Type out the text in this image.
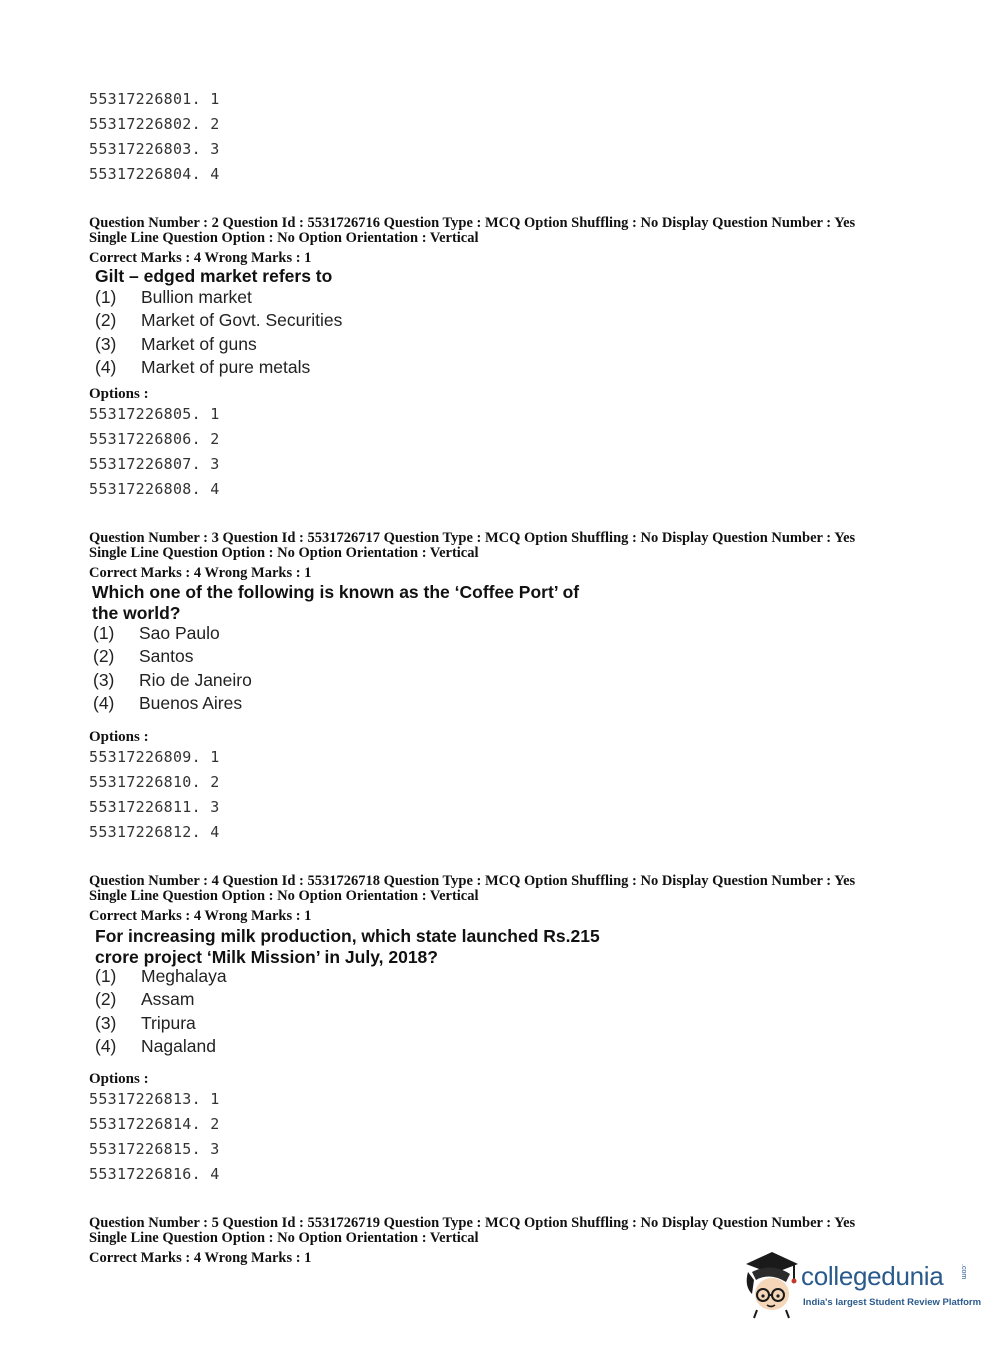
55317226801. 1
55317226802. 2
55317226803. 3
55317226804. 4
Question Number : 2 Question Id : 5531726716 Question Type : MCQ Option Shuffling : No Display Question Number : Yes
Single Line Question Option : No Option Orientation : Vertical
Correct Marks : 4 Wrong Marks : 1
Gilt – edged market refers to
(1) Bullion market
(2) Market of Govt. Securities
(3) Market of guns
(4) Market of pure metals
Options :
55317226805. 1
55317226806. 2
55317226807. 3
55317226808. 4
Question Number : 3 Question Id : 5531726717 Question Type : MCQ Option Shuffling : No Display Question Number : Yes
Single Line Question Option : No Option Orientation : Vertical
Correct Marks : 4 Wrong Marks : 1
Which one of the following is known as the ‘Coffee Port’ of
the world?
(1) Sao Paulo
(2) Santos
(3) Rio de Janeiro
(4) Buenos Aires
Options :
55317226809. 1
55317226810. 2
55317226811. 3
55317226812. 4
Question Number : 4 Question Id : 5531726718 Question Type : MCQ Option Shuffling : No Display Question Number : Yes
Single Line Question Option : No Option Orientation : Vertical
Correct Marks : 4 Wrong Marks : 1
For increasing milk production, which state launched Rs.215
crore project ‘Milk Mission’ in July, 2018?
(1) Meghalaya
(2) Assam
(3) Tripura
(4) Nagaland
Options :
55317226813. 1
55317226814. 2
55317226815. 3
55317226816. 4
Question Number : 5 Question Id : 5531726719 Question Type : MCQ Option Shuffling : No Display Question Number : Yes
Single Line Question Option : No Option Orientation : Vertical
Correct Marks : 4 Wrong Marks : 1
collegedunia .com
India's largest Student Review Platform
